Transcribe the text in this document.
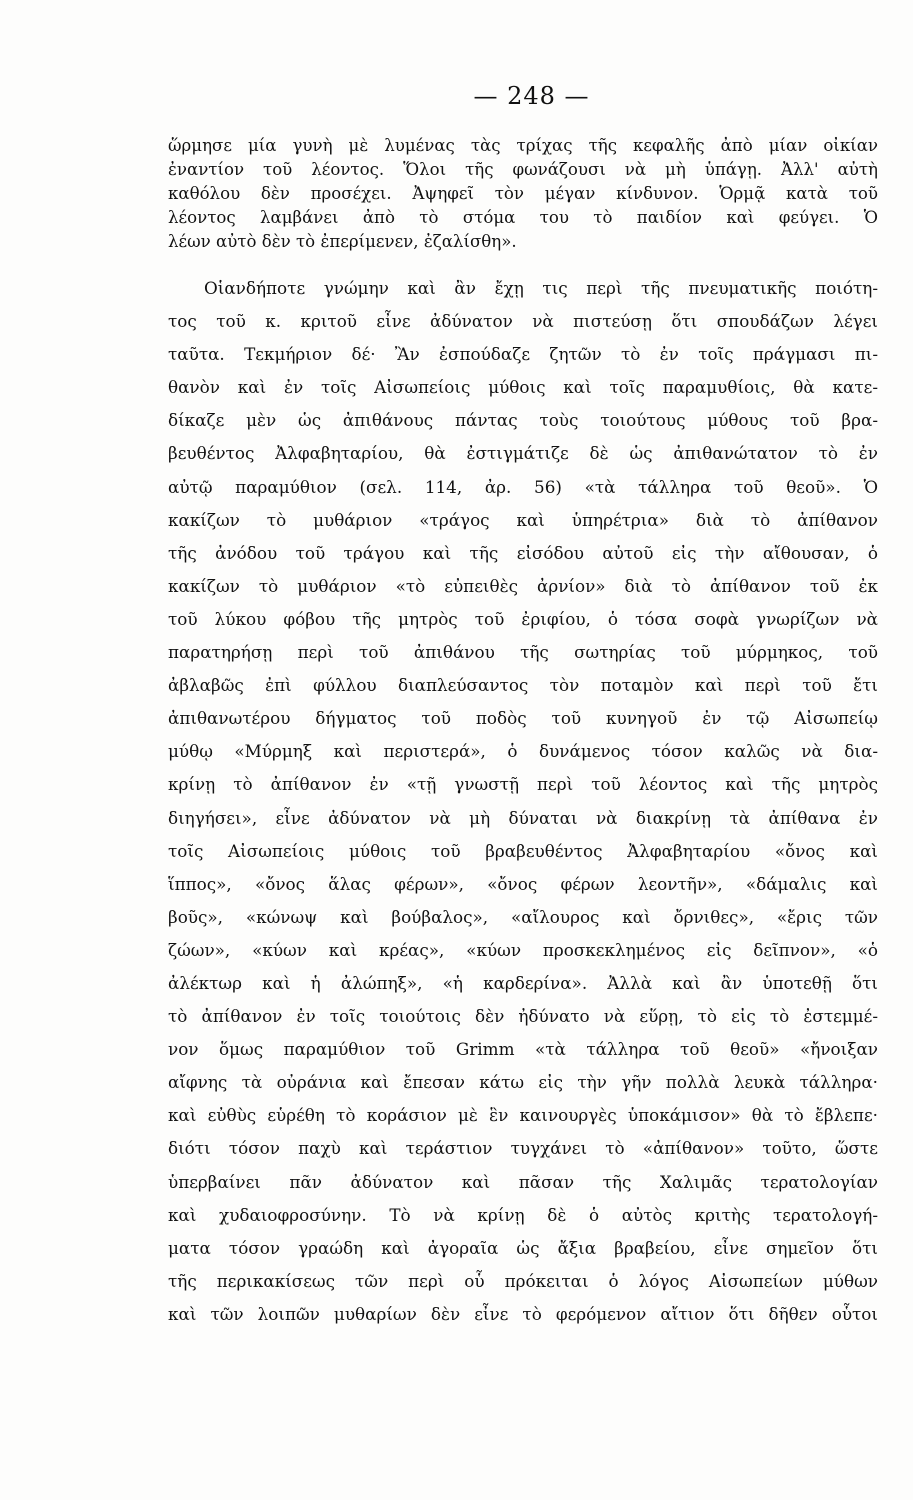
— 248 —
ὥρμησε μία γυνὴ μὲ λυμένας τὰς τρίχας τῆς κεφαλῆς ἀπὸ μίαν οἰκίαν
ἐναντίον τοῦ λέοντος. Ὅλοι τῆς φωνάζουσι νὰ μὴ ὑπάγῃ. Ἀλλ' αὐτὴ
καθόλου δὲν προσέχει. Ἀψηφεῖ τὸν μέγαν κίνδυνον. Ὁρμᾷ κατὰ τοῦ
λέοντος λαμβάνει ἀπὸ τὸ στόμα του τὸ παιδίον καὶ φεύγει. Ὁ
λέων αὐτὸ δὲν τὸ ἐπερίμενεν, ἐζαλίσθη».
Οἱανδήποτε γνώμην καὶ ἂν ἔχῃ τις περὶ τῆς πνευματικῆς ποιότη-
τος τοῦ κ. κριτοῦ εἶνε ἀδύνατον νὰ πιστεύσῃ ὅτι σπουδάζων λέγει
ταῦτα. Τεκμήριον δέ· Ἂν ἐσπούδαζε ζητῶν τὸ ἐν τοῖς πράγμασι πι-
θανὸν καὶ ἐν τοῖς Αἰσωπείοις μύθοις καὶ τοῖς παραμυθίοις, θὰ κατε-
δίκαζε μὲν ὡς ἀπιθάνους πάντας τοὺς τοιούτους μύθους τοῦ βρα-
βευθέντος Ἀλφαβηταρίου, θὰ ἐστιγμάτιζε δὲ ὡς ἀπιθανώτατον τὸ ἐν
αὐτῷ παραμύθιον (σελ. 114, ἀρ. 56) «τὰ τάλληρα τοῦ θεοῦ». Ὁ
κακίζων τὸ μυθάριον «τράγος καὶ ὑπηρέτρια» διὰ τὸ ἀπίθανον
τῆς ἀνόδου τοῦ τράγου καὶ τῆς εἰσόδου αὐτοῦ εἰς τὴν αἴθουσαν, ὁ
κακίζων τὸ μυθάριον «τὸ εὐπειθὲς ἀρνίον» διὰ τὸ ἀπίθανον τοῦ ἐκ
τοῦ λύκου φόβου τῆς μητρὸς τοῦ ἐριφίου, ὁ τόσα σοφὰ γνωρίζων νὰ
παρατηρήσῃ περὶ τοῦ ἀπιθάνου τῆς σωτηρίας τοῦ μύρμηκος, τοῦ
ἀβλαβῶς ἐπὶ φύλλου διαπλεύσαντος τὸν ποταμὸν καὶ περὶ τοῦ ἔτι
ἀπιθανωτέρου δήγματος τοῦ ποδὸς τοῦ κυνηγοῦ ἐν τῷ Αἰσωπείῳ
μύθῳ «Μύρμηξ καὶ περιστερά», ὁ δυνάμενος τόσον καλῶς νὰ δια-
κρίνῃ τὸ ἀπίθανον ἐν «τῇ γνωστῇ περὶ τοῦ λέοντος καὶ τῆς μητρὸς
διηγήσει», εἶνε ἀδύνατον νὰ μὴ δύναται νὰ διακρίνῃ τὰ ἀπίθανα ἐν
τοῖς Αἰσωπείοις μύθοις τοῦ βραβευθέντος Ἀλφαβηταρίου «ὄνος καὶ
ἵππος», «ὄνος ἅλας φέρων», «ὄνος φέρων λεοντῆν», «δάμαλις καὶ
βοῦς», «κώνωψ καὶ βούβαλος», «αἴλουρος καὶ ὄρνιθες», «ἔρις τῶν
ζώων», «κύων καὶ κρέας», «κύων προσκεκλημένος εἰς δεῖπνον», «ὁ
ἀλέκτωρ καὶ ἡ ἀλώπηξ», «ἡ καρδερίνα». Ἀλλὰ καὶ ἂν ὑποτεθῇ ὅτι
τὸ ἀπίθανον ἐν τοῖς τοιούτοις δὲν ἠδύνατο νὰ εὕρῃ, τὸ εἰς τὸ ἐστεμμέ-
νον ὅμως παραμύθιον τοῦ Grimm «τὰ τάλληρα τοῦ θεοῦ» «ἤνοιξαν
αἴφνης τὰ οὐράνια καὶ ἔπεσαν κάτω εἰς τὴν γῆν πολλὰ λευκὰ τάλληρα·
καὶ εὐθὺς εὑρέθη τὸ κοράσιον μὲ ἓν καινουργὲς ὑποκάμισον» θὰ τὸ ἔβλεπε·
διότι τόσον παχὺ καὶ τεράστιον τυγχάνει τὸ «ἀπίθανον» τοῦτο, ὥστε
ὑπερβαίνει πᾶν ἀδύνατον καὶ πᾶσαν τῆς Χαλιμᾶς τερατολογίαν
καὶ χυδαιοφροσύνην. Τὸ νὰ κρίνῃ δὲ ὁ αὐτὸς κριτὴς τερατολογή-
ματα τόσον γραώδη καὶ ἀγοραῖα ὡς ἄξια βραβείου, εἶνε σημεῖον ὅτι
τῆς περικακίσεως τῶν περὶ οὗ πρόκειται ὁ λόγος Αἰσωπείων μύθων
καὶ τῶν λοιπῶν μυθαρίων δὲν εἶνε τὸ φερόμενον αἴτιον ὅτι δῆθεν οὗτοι
